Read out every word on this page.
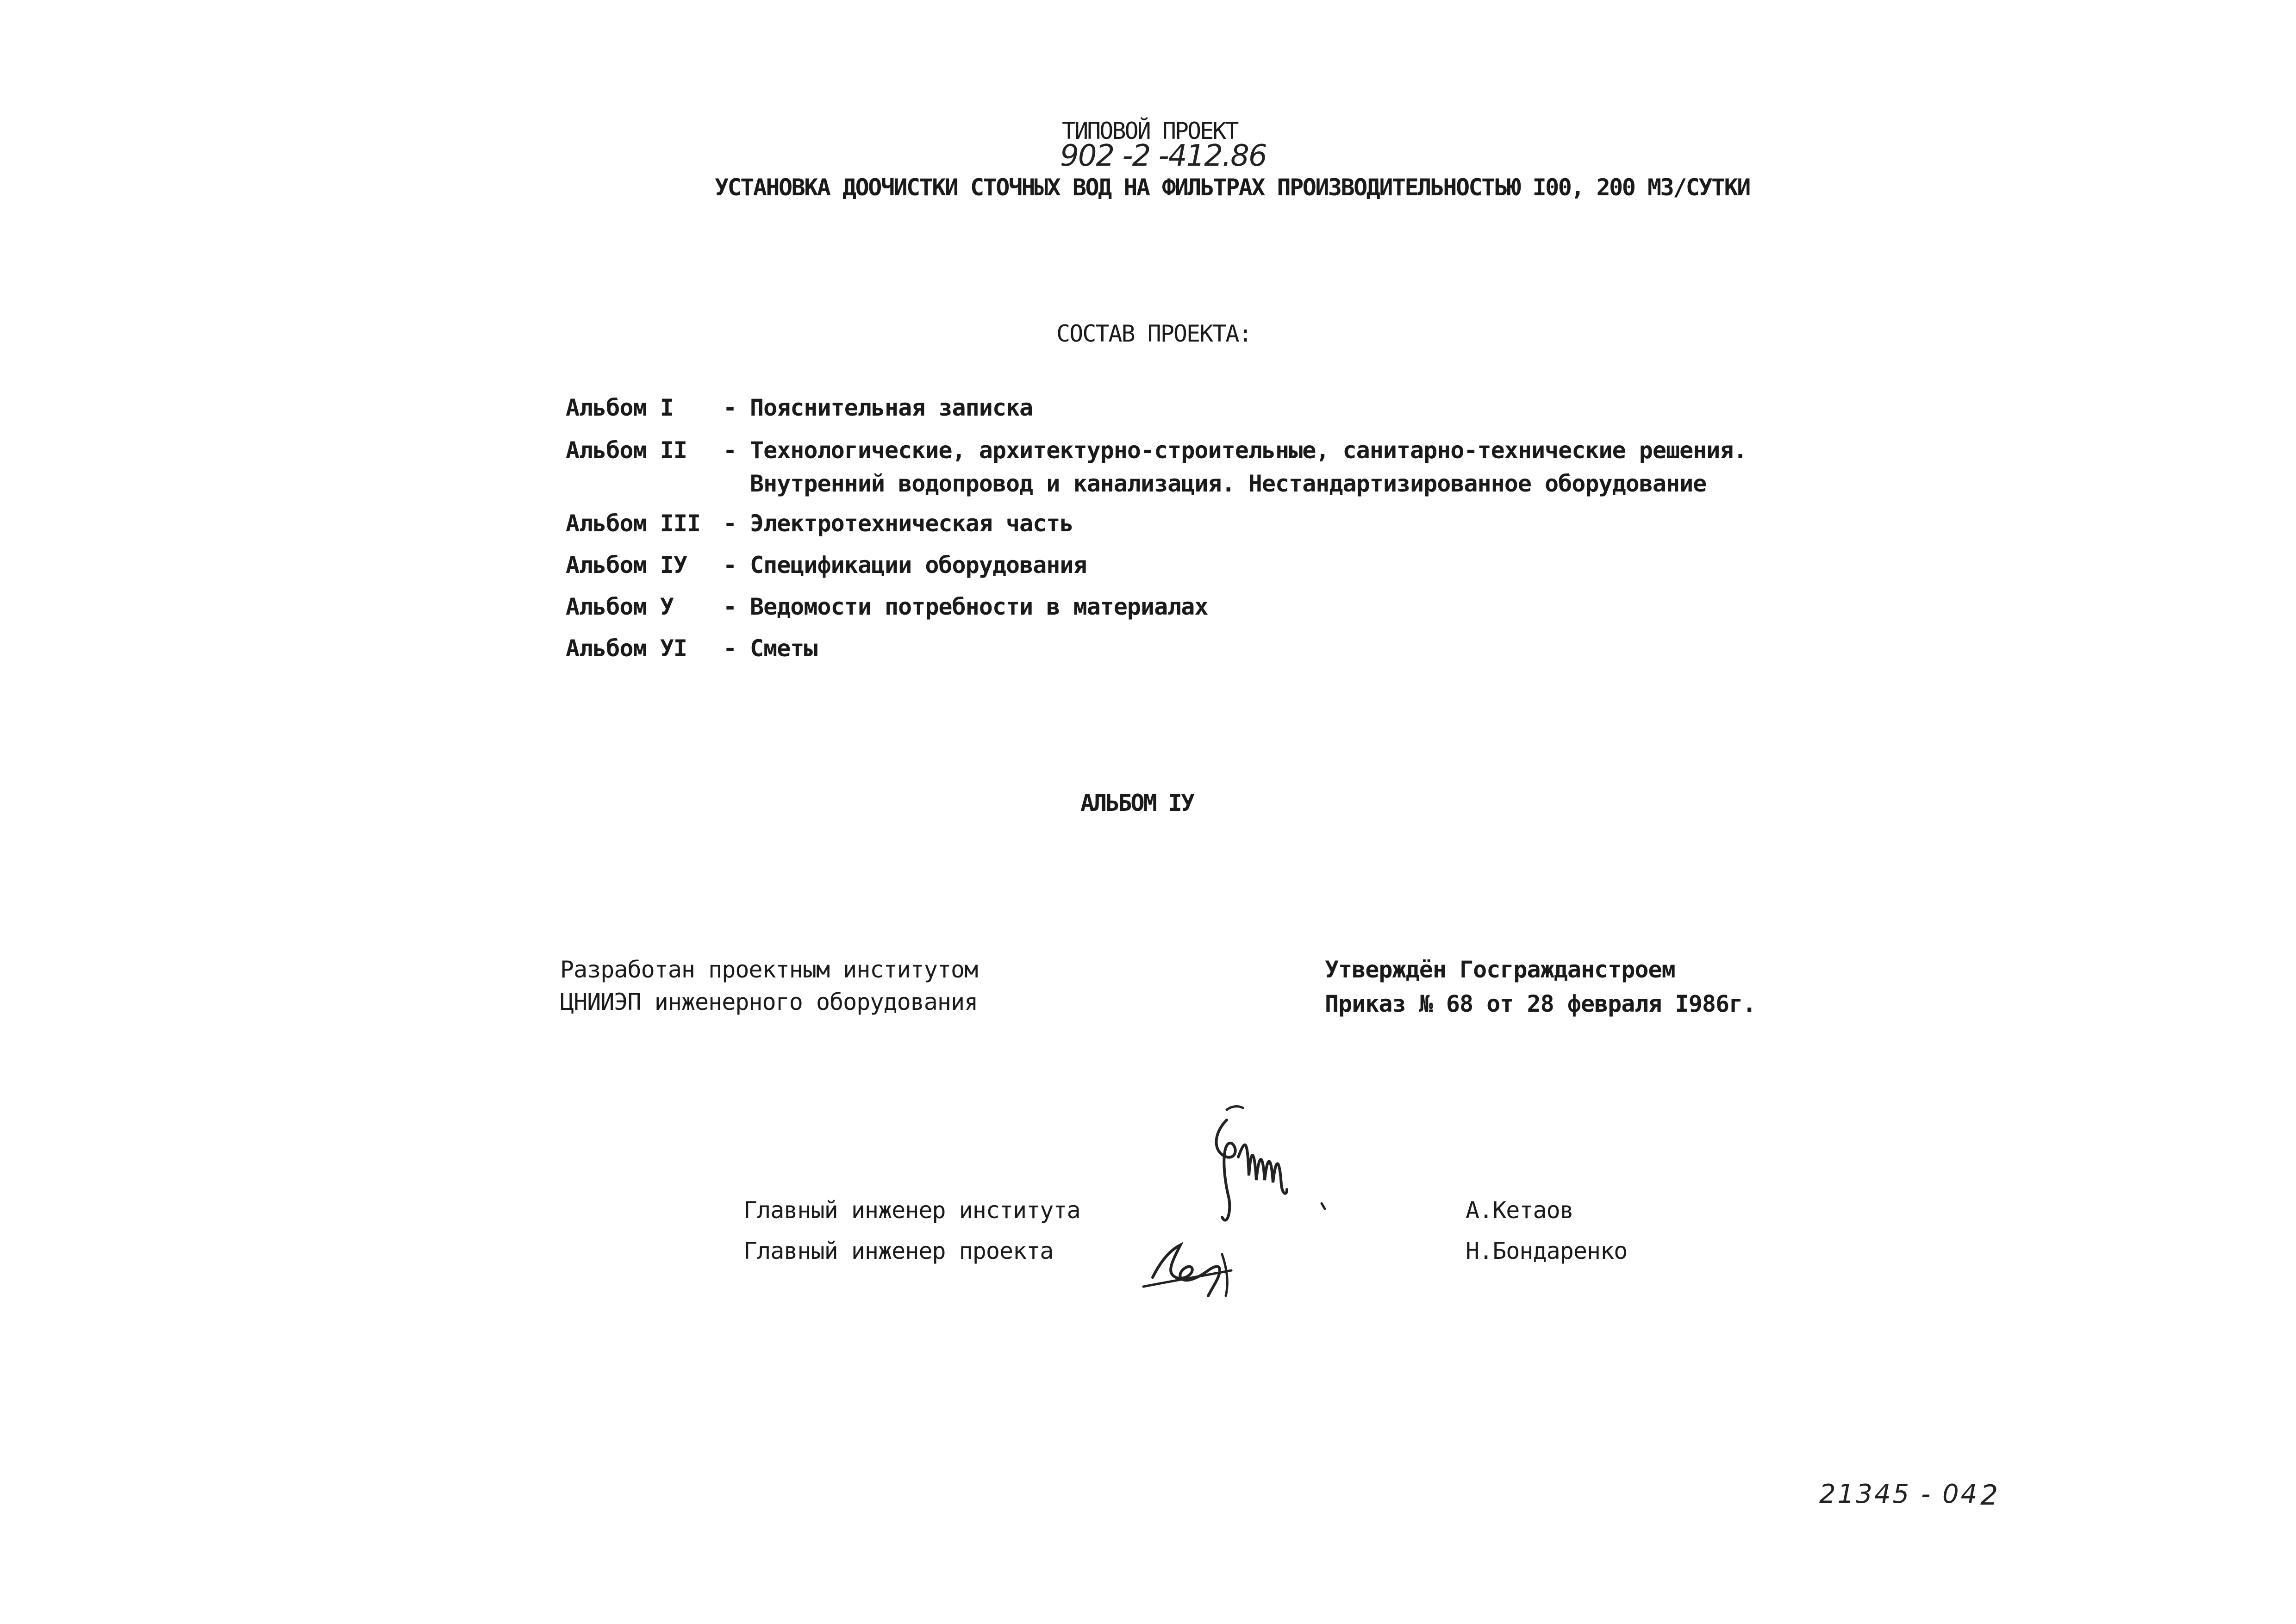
ТИПОВОЙ ПРОЕКТ
902 -2 -412.86
УСТАНОВКА ДООЧИСТКИ СТОЧНЫХ ВОД НА ФИЛЬТРАХ ПРОИЗВОДИТЕЛЬНОСТЬЮ I00, 200 МЗ/СУТКИ
СОСТАВ ПРОЕКТА:
Альбом I - Пояснительная записка
Альбом II - Технологические, архитектурно-строительные, санитарно-технические решения.
Внутренний водопровод и канализация. Нестандартизированное оборудование
Альбом III - Электротехническая часть
Альбом IУ - Спецификации оборудования
Альбом У - Ведомости потребности в материалах
Альбом УI - Сметы
АЛЬБОМ IУ
Разработан проектным институтом
ЦНИИЭП инженерного оборудования
Утверждён Госгражданстроем
Приказ № 68 от 28 февраля I986г.
Главный инженер института	А.Кетаов
Главный инженер проекта	Н.Бондаренко
21345 - 04 2
